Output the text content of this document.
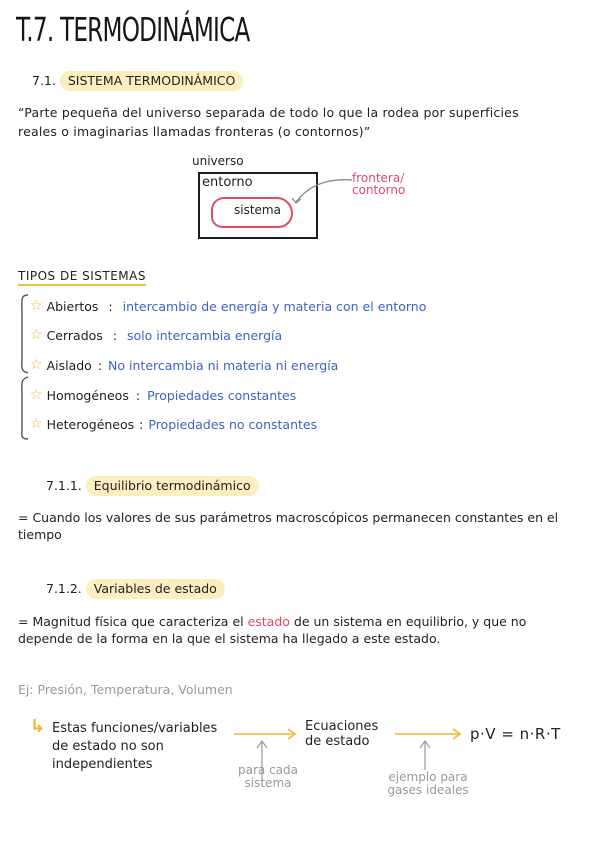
T.7. TERMODINÁMICA
7.1. SISTEMA TERMODINÁMICO
“Parte pequeña del universo separada de todo lo que la rodea por superficies reales o imaginarias llamadas fronteras (o contornos)”
universo
entorno
sistema
frontera/
contorno
TIPOS DE SISTEMAS
☆ Abiertos : intercambio de energía y materia con el entorno
☆ Cerrados : solo intercambia energía
☆ Aislado : No intercambia ni materia ni energía
☆ Homogéneos : Propiedades constantes
☆ Heterogéneos : Propiedades no constantes
7.1.1. Equilibrio termodinámico
= Cuando los valores de sus parámetros macroscópicos permanecen constantes en el tiempo
7.1.2. Variables de estado
= Magnitud física que caracteriza el estado de un sistema en equilibrio, y que no depende de la forma en la que el sistema ha llegado a este estado.
Ej: Presión, Temperatura, Volumen
↳ Estas funciones/variables de estado no son independientes
Ecuaciones de estado	p·V = n·R·T
para cada sistema	ejemplo para gases ideales
